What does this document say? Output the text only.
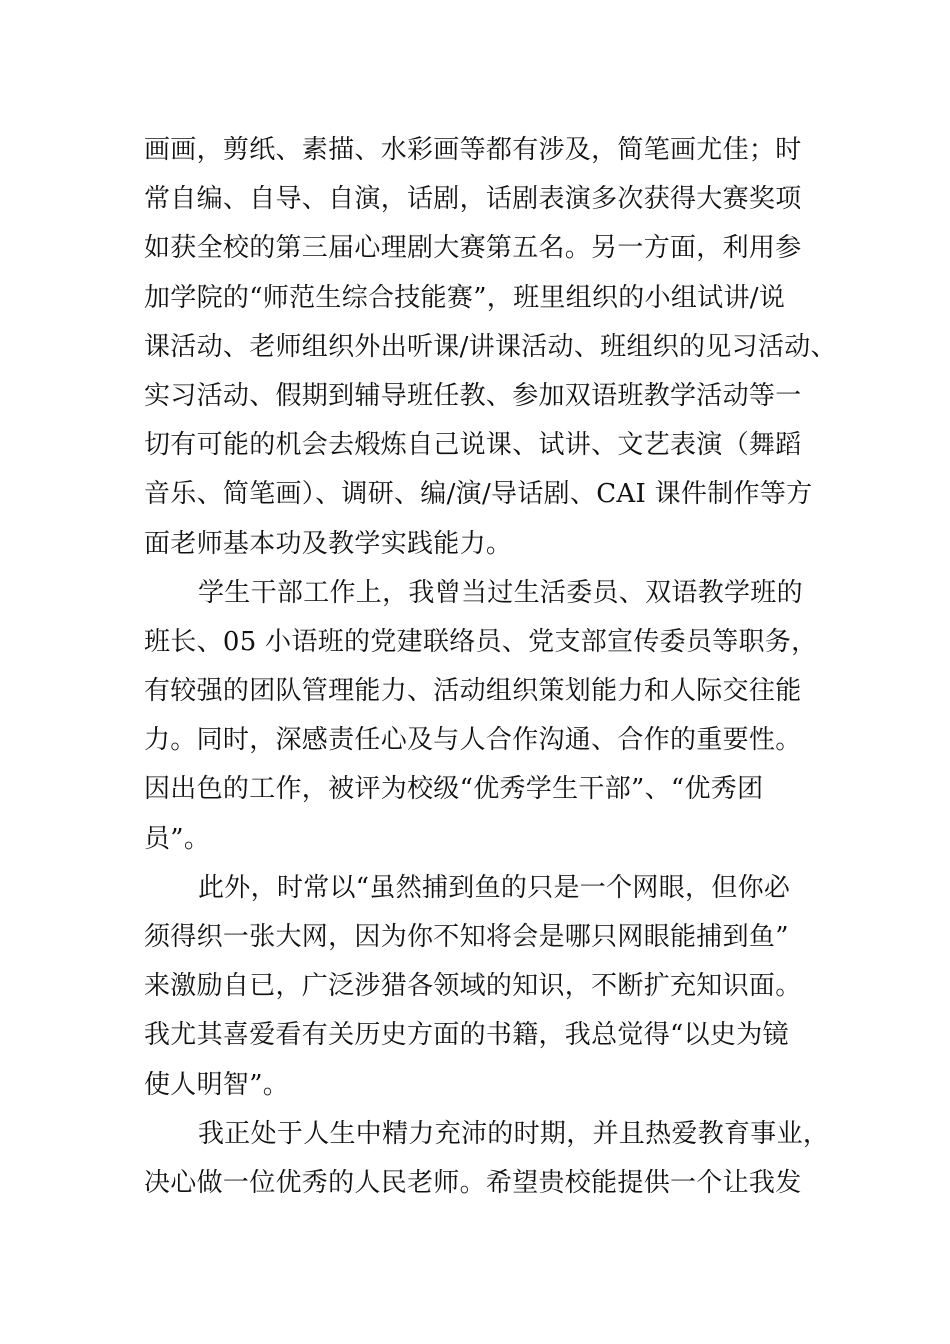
画画，剪纸、素描、水彩画等都有涉及，简笔画尤佳；时
常自编、自导、自演，话剧，话剧表演多次获得大赛奖项
如获全校的第三届心理剧大赛第五名。另一方面，利用参
加学院的“师范生综合技能赛”，班里组织的小组试讲/说
课活动、老师组织外出听课/讲课活动、班组织的见习活动、
实习活动、假期到辅导班任教、参加双语班教学活动等一
切有可能的机会去煅炼自己说课、试讲、文艺表演（舞蹈
音乐、简笔画）、调研、编/演/导话剧、CAI 课件制作等方
面老师基本功及教学实践能力。
学生干部工作上，我曾当过生活委员、双语教学班的
班长、05 小语班的党建联络员、党支部宣传委员等职务，
有较强的团队管理能力、活动组织策划能力和人际交往能
力。同时，深感责任心及与人合作沟通、合作的重要性。
因出色的工作，被评为校级“优秀学生干部”、“优秀团
员”。
此外，时常以“虽然捕到鱼的只是一个网眼，但你必
须得织一张大网，因为你不知将会是哪只网眼能捕到鱼”
来激励自已，广泛涉猎各领域的知识，不断扩充知识面。
我尤其喜爱看有关历史方面的书籍，我总觉得“以史为镜
使人明智”。
我正处于人生中精力充沛的时期，并且热爱教育事业，
决心做一位优秀的人民老师。希望贵校能提供一个让我发
